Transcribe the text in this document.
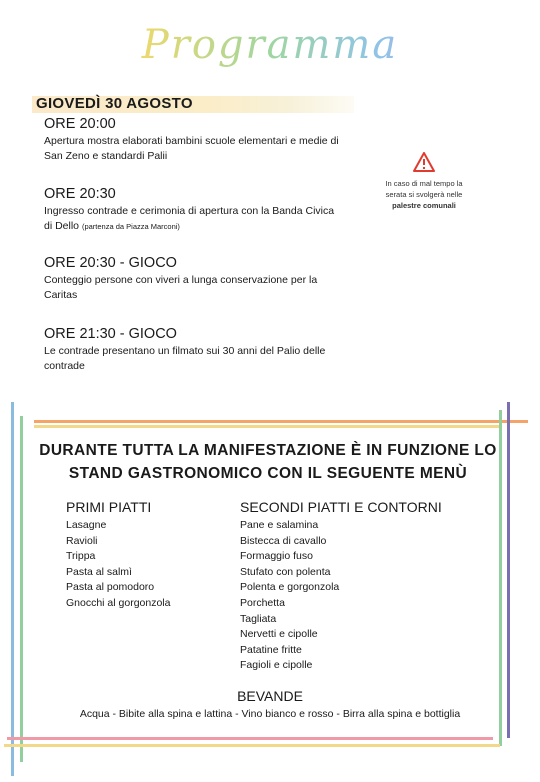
Programma
GIOVEDÌ 30 AGOSTO
ORE 20:00
Apertura mostra elaborati bambini scuole elementari e medie di San Zeno e standardi Palii
ORE 20:30
Ingresso contrade e cerimonia di apertura con la Banda Civica di Dello (partenza da Piazza Marconi)
ORE 20:30 - GIOCO
Conteggio persone con viveri a lunga conservazione per la Caritas
ORE 21:30 - GIOCO
Le contrade presentano un filmato sui 30 anni del Palio delle contrade
In caso di mal tempo la serata si svolgerà nelle palestre comunali
DURANTE TUTTA LA MANIFESTAZIONE È IN FUNZIONE LO STAND GASTRONOMICO CON IL SEGUENTE MENÙ
PRIMI PIATTI
Lasagne
Ravioli
Trippa
Pasta al salmì
Pasta al pomodoro
Gnocchi al gorgonzola
SECONDI PIATTI E CONTORNI
Pane e salamina
Bistecca di cavallo
Formaggio fuso
Stufato con polenta
Polenta e gorgonzola
Porchetta
Tagliata
Nervetti e cipolle
Patatine fritte
Fagioli e cipolle
BEVANDE
Acqua - Bibite alla spina e lattina - Vino bianco e rosso - Birra alla spina e bottiglia
